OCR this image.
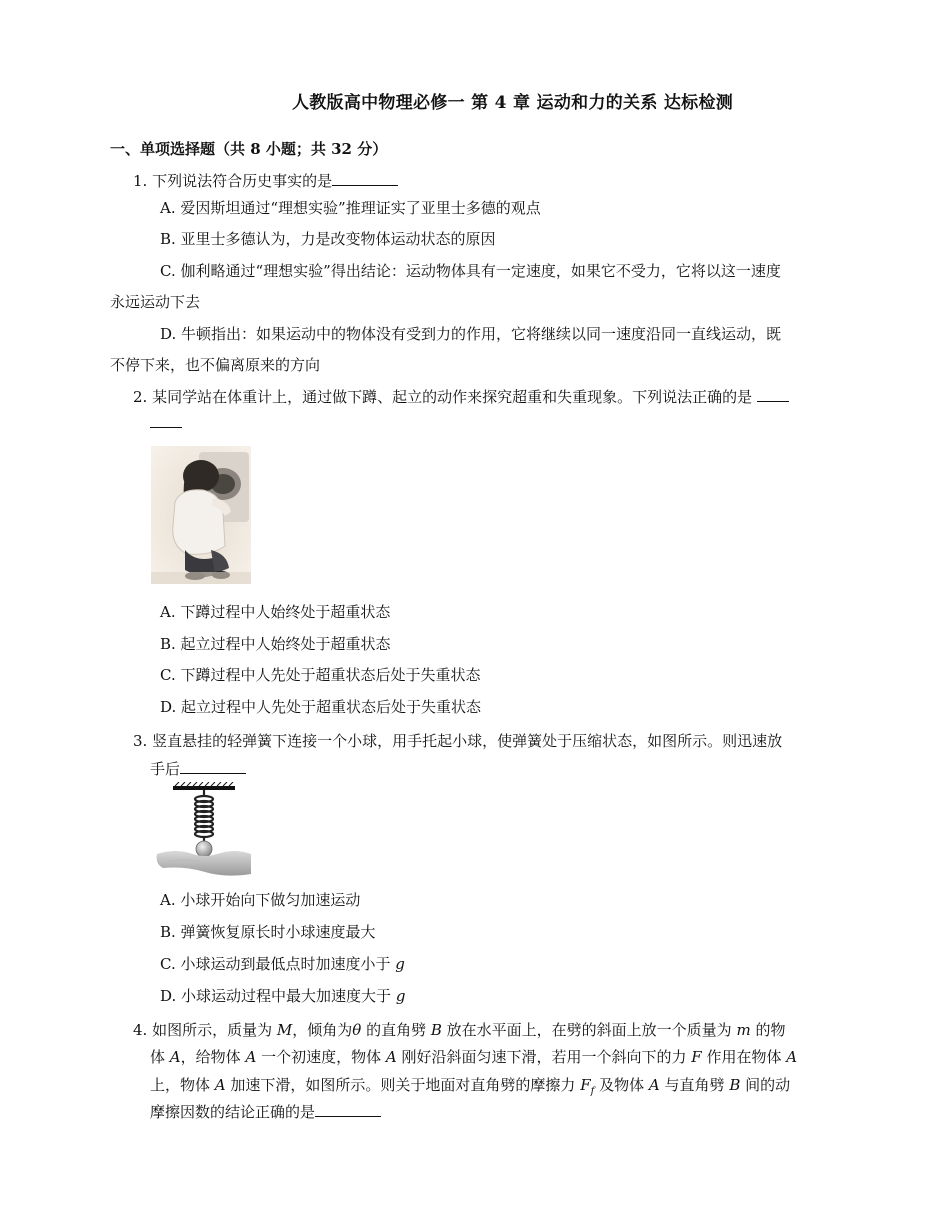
人教版高中物理必修一 第 4 章 运动和力的关系 达标检测
一、单项选择题（共 8 小题；共 32 分）
1. 下列说法符合历史事实的是
A. 爱因斯坦通过“理想实验”推理证实了亚里士多德的观点
B. 亚里士多德认为，力是改变物体运动状态的原因
C. 伽利略通过“理想实验”得出结论：运动物体具有一定速度，如果它不受力，它将以这一速度
永远运动下去
D. 牛顿指出：如果运动中的物体没有受到力的作用，它将继续以同一速度沿同一直线运动，既
不停下来，也不偏离原来的方向
2. 某同学站在体重计上，通过做下蹲、起立的动作来探究超重和失重现象。下列说法正确的是
A. 下蹲过程中人始终处于超重状态
B. 起立过程中人始终处于超重状态
C. 下蹲过程中人先处于超重状态后处于失重状态
D. 起立过程中人先处于超重状态后处于失重状态
3. 竖直悬挂的轻弹簧下连接一个小球，用手托起小球，使弹簧处于压缩状态，如图所示。则迅速放
手后
A. 小球开始向下做匀加速运动
B. 弹簧恢复原长时小球速度最大
C. 小球运动到最低点时加速度小于 g
D. 小球运动过程中最大加速度大于 g
4. 如图所示，质量为 M，倾角为θ 的直角劈 B 放在水平面上，在劈的斜面上放一个质量为 m 的物
体 A，给物体 A 一个初速度，物体 A 刚好沿斜面匀速下滑，若用一个斜向下的力 F 作用在物体 A
上，物体 A 加速下滑，如图所示。则关于地面对直角劈的摩擦力 $F_f$ 及物体 A 与直角劈 B 间的动
摩擦因数的结论正确的是
